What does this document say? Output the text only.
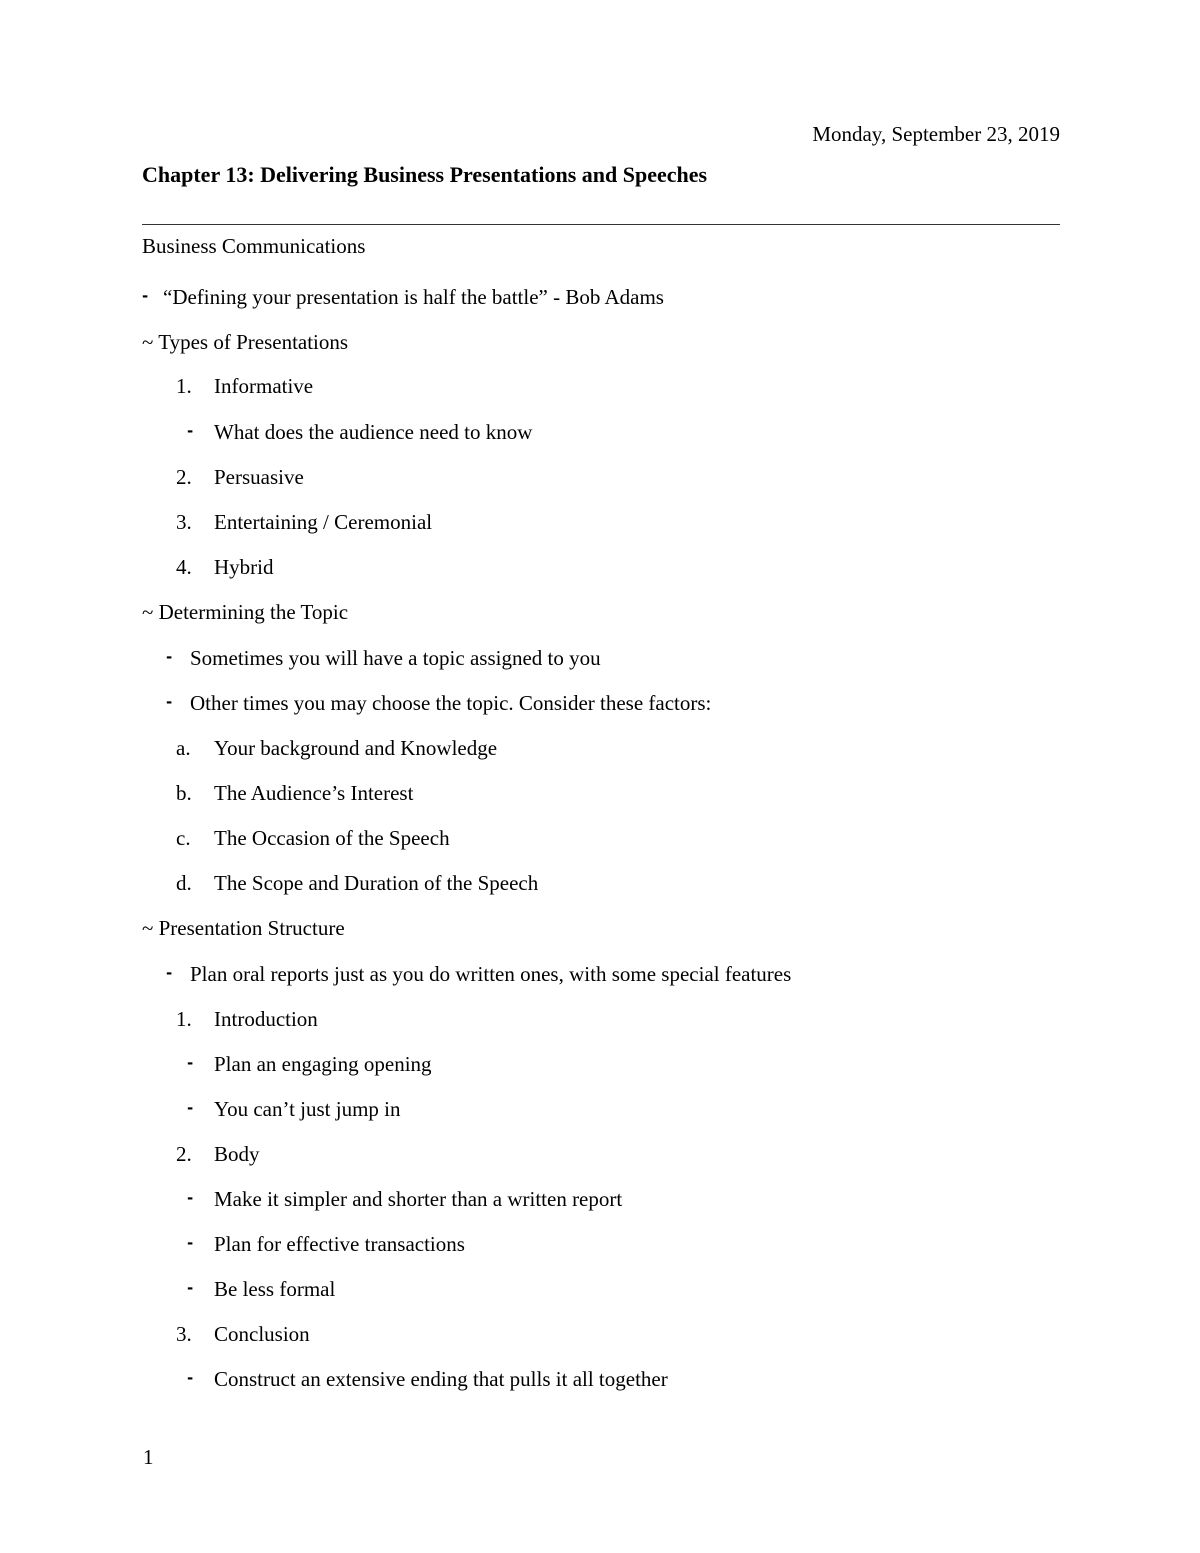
Monday, September 23, 2019
Chapter 13: Delivering Business Presentations and Speeches
Business Communications
- “Defining your presentation is half the battle” - Bob Adams
~ Types of Presentations
1. Informative
- What does the audience need to know
2. Persuasive
3. Entertaining / Ceremonial
4. Hybrid
~ Determining the Topic
- Sometimes you will have a topic assigned to you
- Other times you may choose the topic. Consider these factors:
a. Your background and Knowledge
b. The Audience’s Interest
c. The Occasion of the Speech
d. The Scope and Duration of the Speech
~ Presentation Structure
- Plan oral reports just as you do written ones, with some special features
1. Introduction
- Plan an engaging opening
- You can’t just jump in
2. Body
- Make it simpler and shorter than a written report
- Plan for effective transactions
- Be less formal
3. Conclusion
- Construct an extensive ending that pulls it all together
1
